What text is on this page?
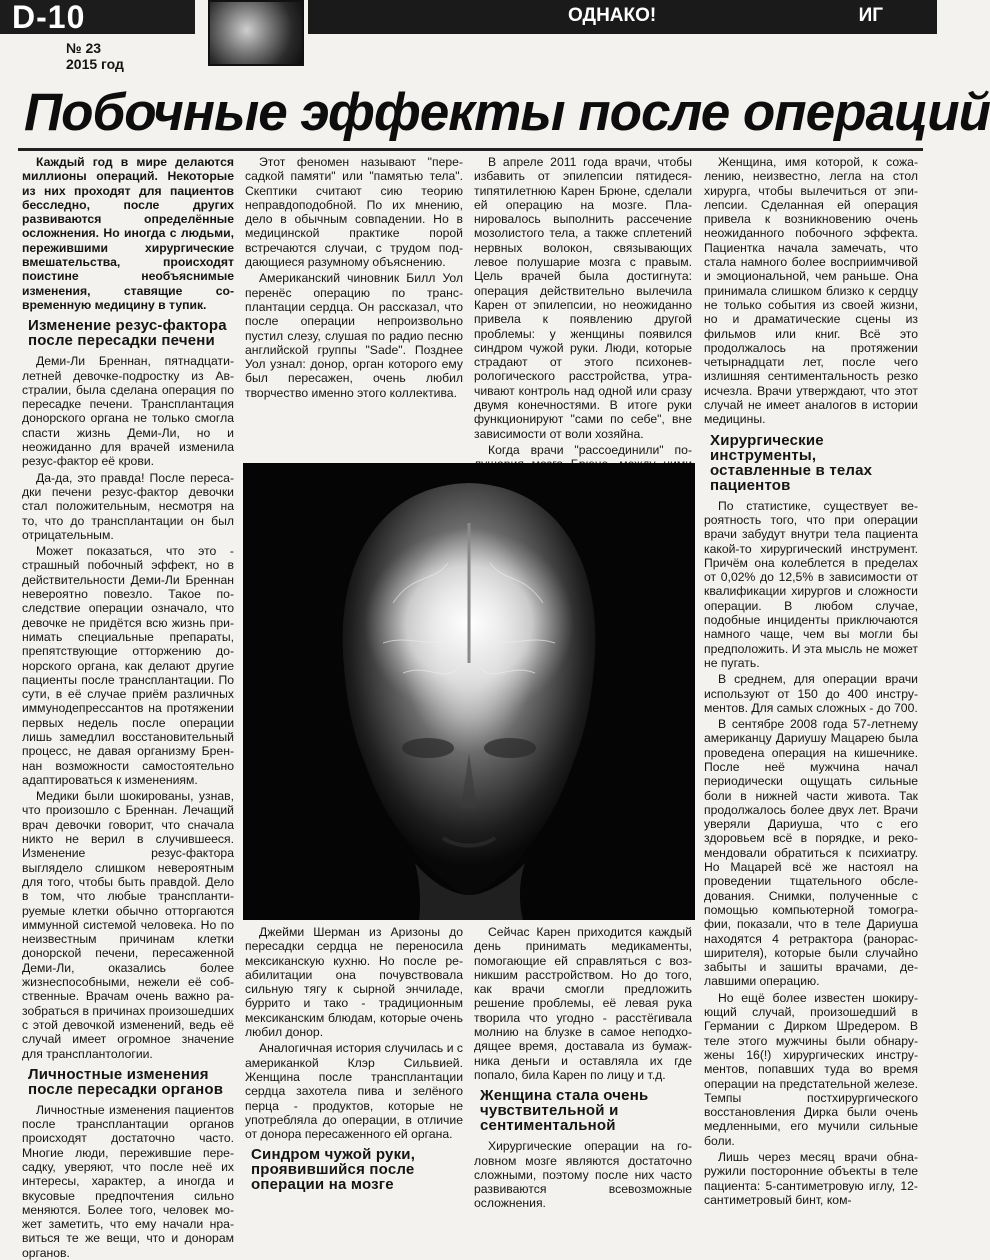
D-10	ОДНАКО!	ИГ
№ 23
2015 год
Побочные эффекты после операций

Каждый год в мире делаются миллионы операций. Некоторые из них проходят для пациентов бесследно, после других развиваются определённые осложнения. Но иногда с людьми, пережившими хирургические вмешательства, происходят поистине необъяснимые изменения, ставящие современную медицину в тупик.

Изменение резус-фактора после пересадки печени

Деми-Ли Бреннан, пятнадцатилетней девочке-подростку из Австралии, была сделана операция по пересадке печени. Трансплантация донорского органа не только смогла спасти жизнь Деми-Ли, но и неожиданно для врачей изменила резус-фактор её крови.

Да-да, это правда! После пересадки печени резус-фактор девочки стал положительным, несмотря на то, что до трансплантации он был отрицательным.

Может показаться, что это - страшный побочный эффект, но в действительности Деми-Ли Бреннан невероятно повезло. Такое последствие операции означало, что девочке не придётся всю жизнь принимать специальные препараты, препятствующие отторжению донорского органа, как делают другие пациенты после трансплантации. По сути, в её случае приём различных иммунодепрессантов на протяжении первых недель после операции лишь замедлил восстановительный процесс, не давая организму Бреннан возможности самостоятельно адаптироваться к изменениям.

Медики были шокированы, узнав, что произошло с Бреннан. Лечащий врач девочки говорит, что сначала никто не верил в случившееся. Изменение резус-фактора выглядело слишком невероятным для того, чтобы быть правдой. Дело в том, что любые трансплантируемые клетки обычно отторгаются иммунной системой человека. Но по неизвестным причинам клетки донорской печени, пересаженной Деми-Ли, оказались более жизнеспособными, нежели её собственные. Врачам очень важно разобраться в причинах произошедших с этой девочкой изменений, ведь её случай имеет огромное значение для трансплантологии.

Личностные изменения после пересадки органов

Личностные изменения пациентов после трансплантации органов происходят достаточно часто. Многие люди, пережившие пересадку, уверяют, что после неё их интересы, характер, а иногда и вкусовые предпочтения сильно меняются. Более того, человек может заметить, что ему начали нравиться те же вещи, что и донорам органов.

Этот феномен называют "пересадкой памяти" или "памятью тела". Скептики считают сию теорию неправдоподобной. По их мнению, дело в обычным совпадении. Но в медицинской практике порой встречаются случаи, с трудом поддающиеся разумному объяснению.

Американский чиновник Билл Уол перенёс операцию по трансплантации сердца. Он рассказал, что после операции непроизвольно пустил слезу, слушая по радио песню английской группы "Sade". Позднее Уол узнал: донор, орган которого ему был пересажен, очень любил творчество именно этого коллектива.

В апреле 2011 года врачи, чтобы избавить от эпилепсии пятидесятипятилетнюю Карен Брюне, сделали ей операцию на мозге. Планировалось выполнить рассечение мозолистого тела, а также сплетений нервных волокон, связывающих левое полушарие мозга с правым. Цель врачей была достигнута: операция действительно вылечила Карен от эпилепсии, но неожиданно привела к появлению другой проблемы: у женщины появился синдром чужой руки. Люди, которые страдают от этого психоневрологического расстройства, утрачивают контроль над одной или сразу двумя конечностями. В итоге руки функционируют "сами по себе", вне зависимости от воли хозяйна.

Когда врачи "рассоединили" по

Джейми Шерман из Аризоны до пересадки сердца не переносила мексиканскую кухню. Но после реабилитации она почувствовала сильную тягу к сырной энчиладе, буррито и тако - традиционным мексиканским блюдам, которые очень любил донор.

Аналогичная история случилась и с американкой Клэр Сильвией. Женщина после трансплантации сердца захотела пива и зелёного перца - продуктов, которые не употребляла до операции, в отличие от донора пересаженного ей органа.

Синдром чужой руки, проявившийся после операции на мозге

Сейчас Карен приходится каждый день принимать медикаменты, помогающие ей справляться с возникшим расстройством. Но до того, как врачи смогли предложить решение проблемы, её левая рука творила что угодно - расстёгивала молнию на блузке в самое неподходящее время, доставала из бумажника деньги и оставляла их где попало, била Карен по лицу и т.д.

Женщина стала очень чувствительной и сентиментальной

Хирургические операции на головном мозге являются достаточно сложными, поэтому после них часто развиваются всевозможные осложнения.

Женщина, имя которой, к сожалению, неизвестно, легла на стол хирурга, чтобы вылечиться от эпилепсии. Сделанная ей операция привела к возникновению очень неожиданного побочного эффекта. Пациентка начала замечать, что стала намного более восприимчивой и эмоциональной, чем раньше. Она принимала слишком близко к сердцу не только события из своей жизни, но и драматические сцены из фильмов или книг. Всё это продолжалось на протяжении четырнадцати лет, после чего излишняя сентиментальность резко исчезла. Врачи утверждают, что этот случай не имеет аналогов в истории медицины.

Хирургические инструменты, оставленные в телах пациентов

По статистике, существует вероятность того, что при операции врачи забудут внутри тела пациента какой-то хирургический инструмент. Причём она колеблется в пределах от 0,02% до 12,5% в зависимости от квалификации хирургов и сложности операции. В любом случае, подобные инциденты приключаются намного чаще, чем вы могли бы предположить. И эта мысль не может не пугать.

В среднем, для операции врачи используют от 150 до 400 инструментов. Для самых сложных - до 700.

В сентябре 2008 года 57-летнему американцу Дариушу Мацарею была проведена операция на кишечнике. После неё мужчина начал периодически ощущать сильные боли в нижней части живота. Так продолжалось более двух лет. Врачи уверяли Дариуша, что с его здоровьем всё в порядке, и рекомендовали обратиться к психиатру. Но Мацарей всё же настоял на проведении тщательного обследования. Снимки, полученные с помощью компьютерной томографии, показали, что в теле Дариуша находятся 4 ретрактора (ранорасширителя), которые были случайно забыты и зашиты врачами, делавшими операцию.

Но ещё более известен шокирующий случай, произошедший в Германии с Дирком Шредером. В теле этого мужчины были обнаружены 16(!) хирургических инструментов, попавших туда во время операции на предстательной железе. Темпы постхирургического восстановления Дирка были очень медленными, его мучили сильные боли.

Лишь через месяц врачи обнаружили посторонние объекты в теле пациента: 5-сантиметровую иглу, 12-сантиметровый бинт, ком-
